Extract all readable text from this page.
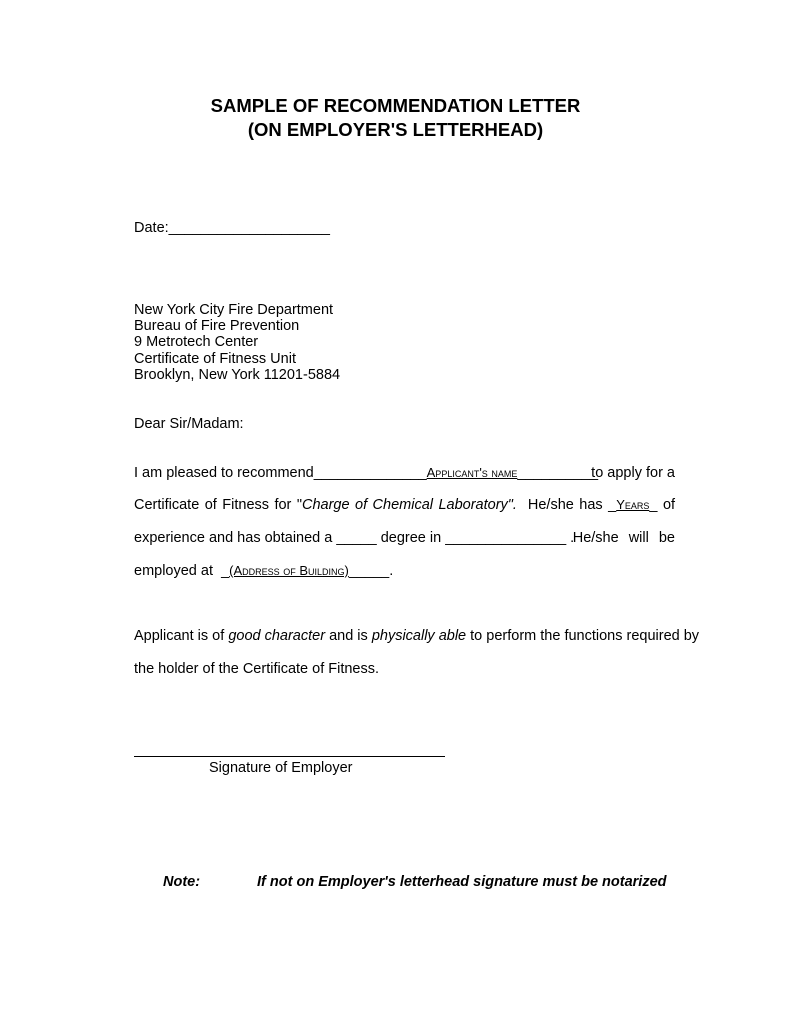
SAMPLE OF RECOMMENDATION LETTER
(ON EMPLOYER'S LETTERHEAD)
Date:____________________
New York City Fire Department
Bureau of Fire Prevention
9 Metrotech Center
Certificate of Fitness Unit
Brooklyn, New York 11201-5884
Dear Sir/Madam:
I am pleased to recommend______________Applicant's name__________
to apply for a
Certificate of Fitness for "Charge of Chemical Laboratory". He/she has _Years_ of
experience and has obtained a _____ degree in _______________ .
He/she will be
employed at _(Address of Building)_____.
Applicant is of good character and is physically able to perform the functions required by
the holder of the Certificate of Fitness.
Signature of Employer
Note:	If not on Employer's letterhead signature must be notarized
